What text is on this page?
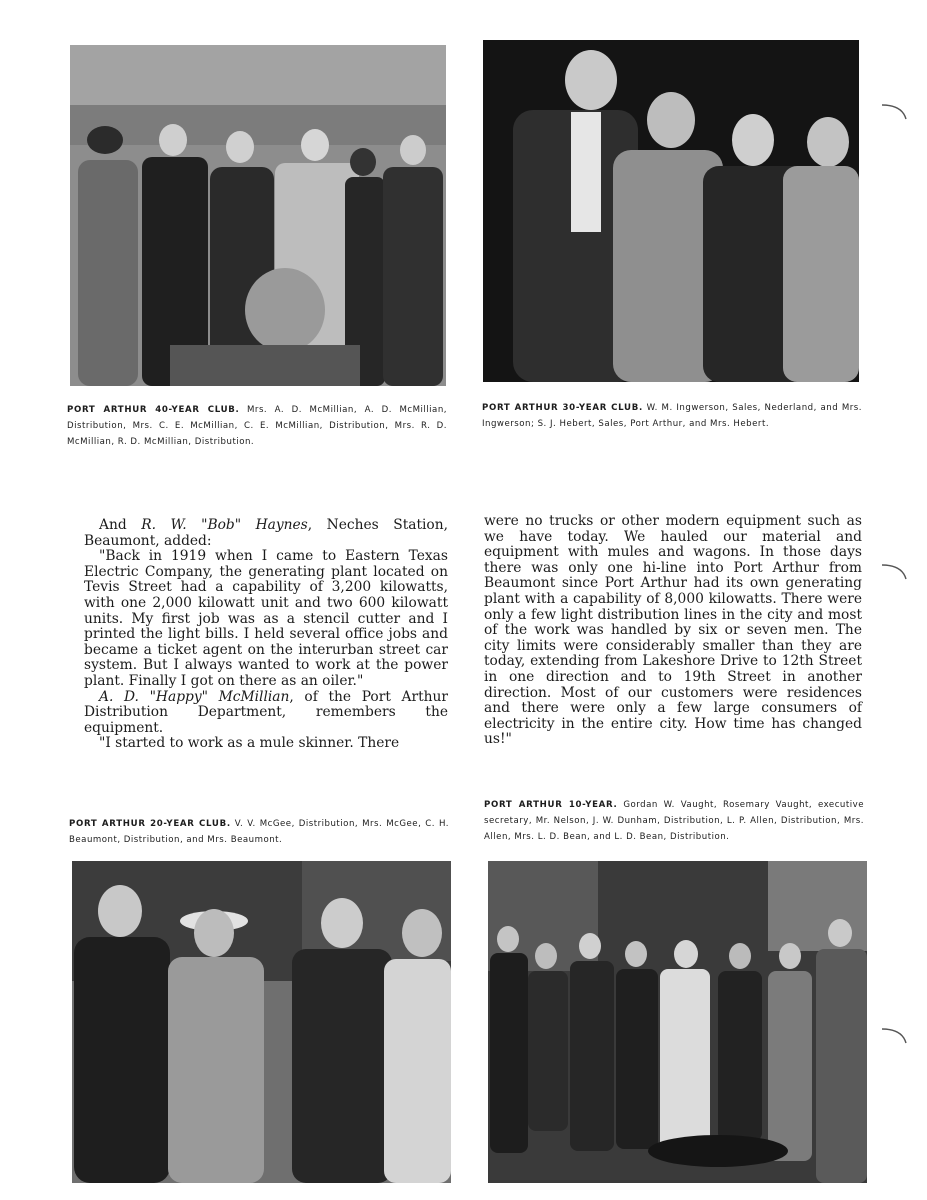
PORT ARTHUR 40-YEAR CLUB. Mrs. A. D. McMillian, A. D. McMillian, Distribution, Mrs. C. E. McMillian, C. E. McMillian, Distribution, Mrs. R. D. McMillian, R. D. McMillian, Distribution.
PORT ARTHUR 30-YEAR CLUB. W. M. Ingwerson, Sales, Nederland, and Mrs. Ingwerson; S. J. Hebert, Sales, Port Arthur, and Mrs. Hebert.

And R. W. "Bob" Haynes, Neches Station, Beaumont, added:

"Back in 1919 when I came to Eastern Texas Electric Company, the generating plant located on Tevis Street had a capability of 3,200 kilowatts, with one 2,000 kilowatt unit and two 600 kilowatt units. My first job was as a stencil cutter and I printed the light bills. I held several office jobs and became a ticket agent on the interurban street car system. But I always wanted to work at the power plant. Finally I got on there as an oiler."

A. D. "Happy" McMillian, of the Port Arthur Distribution Department, remembers the equipment.

"I started to work as a mule skinner. There

were no trucks or other modern equipment such as we have today. We hauled our material and equipment with mules and wagons. In those days there was only one hi-line into Port Arthur from Beaumont since Port Arthur had its own generating plant with a capability of 8,000 kilowatts. There were only a few light distribution lines in the city and most of the work was handled by six or seven men. The city limits were considerably smaller than they are today, extending from Lakeshore Drive to 12th Street in one direction and to 19th Street in another direction. Most of our customers were residences and there were only a few large consumers of electricity in the entire city. How time has changed us!"

PORT ARTHUR 20-YEAR CLUB. V. V. McGee, Distribution, Mrs. McGee, C. H. Beaumont, Distribution, and Mrs. Beaumont.
PORT ARTHUR 10-YEAR. Gordan W. Vaught, Rosemary Vaught, executive secretary, Mr. Nelson, J. W. Dunham, Distribution, L. P. Allen, Distribution, Mrs. Allen, Mrs. L. D. Bean, and L. D. Bean, Distribution.
